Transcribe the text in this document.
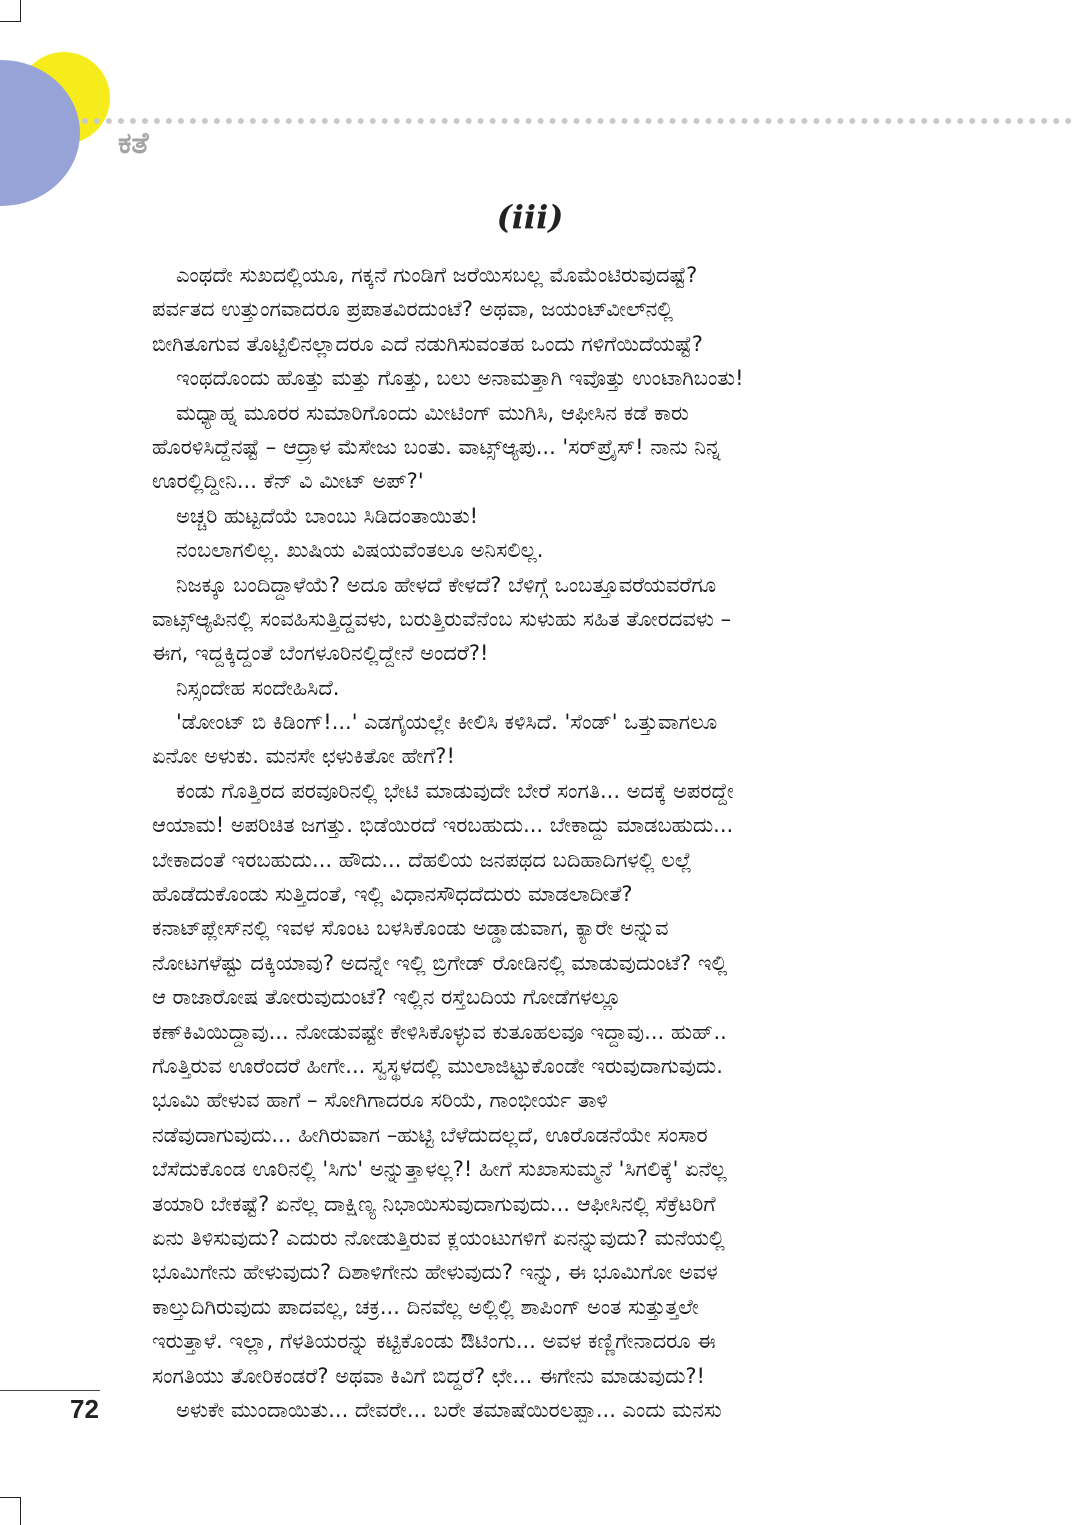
ಕತೆ
(iii)
ಎಂಥದೇ ಸುಖದಲ್ಲಿಯೂ, ಗಕ್ಕನೆ ಗುಂಡಿಗೆ ಜರೆಯಿಸಬಲ್ಲ ಮೊಮೆಂಟಿರುವುದಷ್ಟೆ?
ಪರ್ವತದ ಉತ್ತುಂಗವಾದರೂ ಪ್ರಪಾತವಿರದುಂಟೆ? ಅಥವಾ, ಜಯಂಟ್‍ವೀಲ್‍ನಲ್ಲಿ
ಬೀಗಿತೂಗುವ ತೊಟ್ಟಿಲಿನಲ್ಲಾದರೂ ಎದೆ ನಡುಗಿಸುವಂತಹ ಒಂದು ಗಳಿಗೆಯಿದೆಯಷ್ಟೆ?
ಇಂಥದೊಂದು ಹೊತ್ತು ಮತ್ತು ಗೊತ್ತು, ಬಲು ಅನಾಮತ್ತಾಗಿ ಇವೊತ್ತು ಉಂಟಾಗಿಬಂತು!
ಮಧ್ಯಾಹ್ನ ಮೂರರ ಸುಮಾರಿಗೊಂದು ಮೀಟಿಂಗ್ ಮುಗಿಸಿ, ಆಫೀಸಿನ ಕಡೆ ಕಾರು
ಹೊರಳಿಸಿದ್ದೆನಷ್ಟೆ – ಆದ್ರ್ರಾಳ ಮೆಸೇಜು ಬಂತು. ವಾಟ್ಸ್‌ಆ್ಯಪು... 'ಸರ್‌ಪ್ರೈಸ್! ನಾನು ನಿನ್ನ
ಊರಲ್ಲಿದ್ದೀನಿ... ಕೆನ್ ವಿ ಮೀಟ್ ಅಪ್?'
ಅಚ್ಚರಿ ಹುಟ್ಟದೆಯೆ ಬಾಂಬು ಸಿಡಿದಂತಾಯಿತು!
ನಂಬಲಾಗಲಿಲ್ಲ. ಖುಷಿಯ ವಿಷಯವೆಂತಲೂ ಅನಿಸಲಿಲ್ಲ.
ನಿಜಕ್ಕೂ ಬಂದಿದ್ದಾಳೆಯೆ? ಅದೂ ಹೇಳದೆ ಕೇಳದೆ? ಬೆಳಿಗ್ಗೆ ಒಂಬತ್ತೂವರೆಯವರೆಗೂ
ವಾಟ್ಸ್‌ಆ್ಯಪಿನಲ್ಲಿ ಸಂವಹಿಸುತ್ತಿದ್ದವಳು, ಬರುತ್ತಿರುವೆನೆಂಬ ಸುಳುಹು ಸಹಿತ ತೋರದವಳು –
ಈಗ, ಇದ್ದಕ್ಕಿದ್ದಂತೆ ಬೆಂಗಳೂರಿನಲ್ಲಿದ್ದೇನೆ ಅಂದರೆ?!
ನಿಸ್ಸಂದೇಹ ಸಂದೇಹಿಸಿದೆ.
'ಡೋಂಟ್ ಬಿ ಕಿಡಿಂಗ್!...' ಎಡಗೈಯಲ್ಲೇ ಕೀಲಿಸಿ ಕಳಿಸಿದೆ. 'ಸೆಂಡ್' ಒತ್ತುವಾಗಲೂ
ಏನೋ ಅಳುಕು. ಮನಸೇ ಛಳುಕಿತೋ ಹೇಗೆ?!
ಕಂಡು ಗೊತ್ತಿರದ ಪರವೂರಿನಲ್ಲಿ ಭೇಟಿ ಮಾಡುವುದೇ ಬೇರೆ ಸಂಗತಿ... ಅದಕ್ಕೆ ಅಪರದ್ದೇ
ಆಯಾಮ! ಅಪರಿಚಿತ ಜಗತ್ತು. ಭಿಡೆಯಿರದೆ ಇರಬಹುದು... ಬೇಕಾದ್ದು ಮಾಡಬಹುದು...
ಬೇಕಾದಂತೆ ಇರಬಹುದು... ಹೌದು... ದೆಹಲಿಯ ಜನಪಥದ ಬದಿಹಾದಿಗಳಲ್ಲಿ ಲಲ್ಲೆ
ಹೊಡೆದುಕೊಂಡು ಸುತ್ತಿದಂತೆ, ಇಲ್ಲಿ ವಿಧಾನಸೌಧದೆದುರು ಮಾಡಲಾದೀತೆ?
ಕನಾಟ್‌ಪ್ಲೇಸ್‌ನಲ್ಲಿ ಇವಳ ಸೊಂಟ ಬಳಸಿಕೊಂಡು ಅಡ್ಡಾಡುವಾಗ, ಕ್ಯಾರೇ ಅನ್ನುವ
ನೋಟಗಳೆಷ್ಟು ದಕ್ಕಿಯಾವು? ಅದನ್ನೇ ಇಲ್ಲಿ ಬ್ರಿಗೇಡ್ ರೋಡಿನಲ್ಲಿ ಮಾಡುವುದುಂಟೆ? ಇಲ್ಲಿ
ಆ ರಾಜಾರೋಷ ತೋರುವುದುಂಟೆ? ಇಲ್ಲಿನ ರಸ್ತೆಬದಿಯ ಗೋಡೆಗಳಲ್ಲೂ
ಕಣ್‌ಕಿವಿಯಿದ್ದಾವು... ನೋಡುವಷ್ಟೇ ಕೇಳಿಸಿಕೊಳ್ಳುವ ಕುತೂಹಲವೂ ಇದ್ದಾವು... ಹುಹ್..
ಗೊತ್ತಿರುವ ಊರೆಂದರೆ ಹೀಗೇ... ಸ್ವಸ್ಥಳದಲ್ಲಿ ಮುಲಾಜಿಟ್ಟುಕೊಂಡೇ ಇರುವುದಾಗುವುದು.
ಭೂಮಿ ಹೇಳುವ ಹಾಗೆ – ಸೋಗಿಗಾದರೂ ಸರಿಯೆ, ಗಾಂಭೀರ್ಯ ತಾಳಿ
ನಡೆವುದಾಗುವುದು... ಹೀಗಿರುವಾಗ –ಹುಟ್ಟಿ ಬೆಳೆದುದಲ್ಲದೆ, ಊರೊಡನೆಯೇ ಸಂಸಾರ
ಬೆಸೆದುಕೊಂಡ ಊರಿನಲ್ಲಿ 'ಸಿಗು' ಅನ್ನುತ್ತಾಳಲ್ಲ?! ಹೀಗೆ ಸುಖಾಸುಮ್ಮನೆ 'ಸಿಗಲಿಕ್ಕೆ' ಏನೆಲ್ಲ
ತಯಾರಿ ಬೇಕಷ್ಟೆ? ಏನೆಲ್ಲ ದಾಕ್ಷಿಣ್ಯ ನಿಭಾಯಿಸುವುದಾಗುವುದು... ಆಫೀಸಿನಲ್ಲಿ ಸೆಕ್ರೆಟರಿಗೆ
ಏನು ತಿಳಿಸುವುದು? ಎದುರು ನೋಡುತ್ತಿರುವ ಕ್ಲಯಂಟುಗಳಿಗೆ ಏನನ್ನುವುದು? ಮನೆಯಲ್ಲಿ
ಭೂಮಿಗೇನು ಹೇಳುವುದು? ದಿಶಾಳಿಗೇನು ಹೇಳುವುದು? ಇನ್ನು, ಈ ಭೂಮಿಗೋ ಅವಳ
ಕಾಲ್ತುದಿಗಿರುವುದು ಪಾದವಲ್ಲ, ಚಕ್ರ... ದಿನವೆಲ್ಲ ಅಲ್ಲಿಲ್ಲಿ ಶಾಪಿಂಗ್ ಅಂತ ಸುತ್ತುತ್ತಲೇ
ಇರುತ್ತಾಳೆ. ಇಲ್ಲಾ, ಗೆಳತಿಯರನ್ನು ಕಟ್ಟಿಕೊಂಡು ಔಟಿಂಗು... ಅವಳ ಕಣ್ಣಿಗೇನಾದರೂ ಈ
ಸಂಗತಿಯು ತೋರಿಕಂಡರೆ? ಅಥವಾ ಕಿವಿಗೆ ಬಿದ್ದರೆ? ಛೇ... ಈಗೇನು ಮಾಡುವುದು?!
ಅಳುಕೇ ಮುಂದಾಯಿತು... ದೇವರೇ... ಬರೇ ತಮಾಷೆಯಿರಲಪ್ಪಾ... ಎಂದು ಮನಸು
72
